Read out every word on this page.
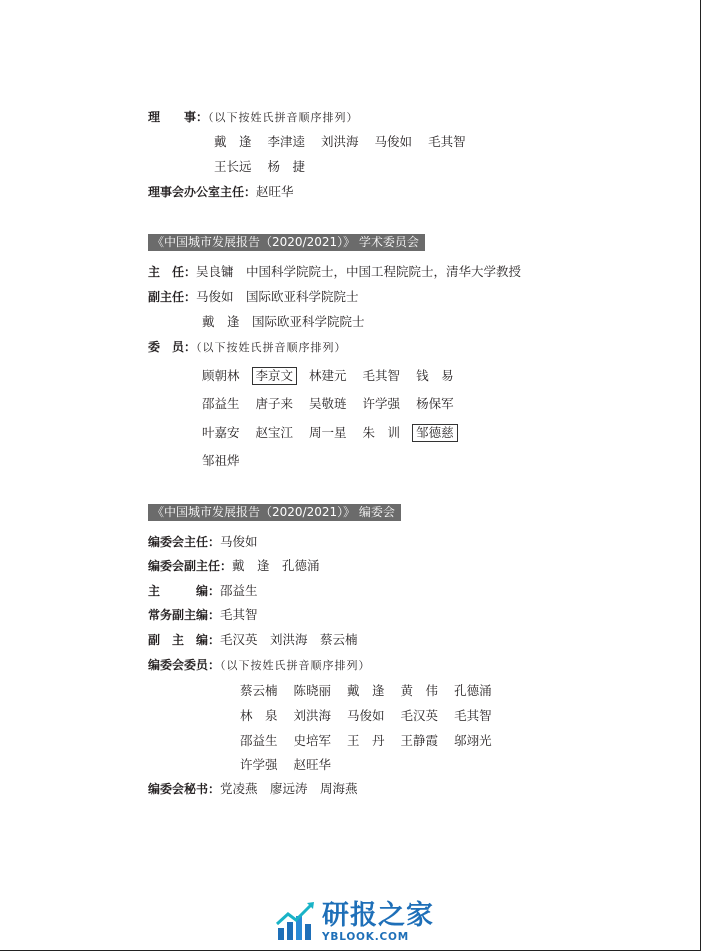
理　　事：（以下按姓氏拼音顺序排列）
戴　逢 李津逵 刘洪海 马俊如 毛其智
王长远 杨　捷
理事会办公室主任：赵旺华
《中国城市发展报告（2020/2021）》 学术委员会
主　任：吴良镛　中国科学院院士，中国工程院院士，清华大学教授
副主任：马俊如　国际欧亚科学院院士
戴　逢　国际欧亚科学院院士
委　员：（以下按姓氏拼音顺序排列）
顾朝林 李京文 林建元 毛其智 钱　易
邵益生 唐子来 吴敬琏 许学强 杨保军
叶嘉安 赵宝江 周一星 朱　训 邹德慈
邹祖烨
《中国城市发展报告（2020/2021）》 编委会
编委会主任：马俊如
编委会副主任：戴　逢　孔德涌
主　　　编：邵益生
常务副主编：毛其智
副　主　编：毛汉英　刘洪海　蔡云楠
编委会委员：（以下按姓氏拼音顺序排列）
蔡云楠 陈晓丽 戴　逢 黄　伟 孔德涌
林　泉 刘洪海 马俊如 毛汉英 毛其智
邵益生 史培军 王　丹 王静霞 邬翊光
许学强 赵旺华
编委会秘书：党凌燕　廖远涛　周海燕
研报之家
YBLOOK.COM
